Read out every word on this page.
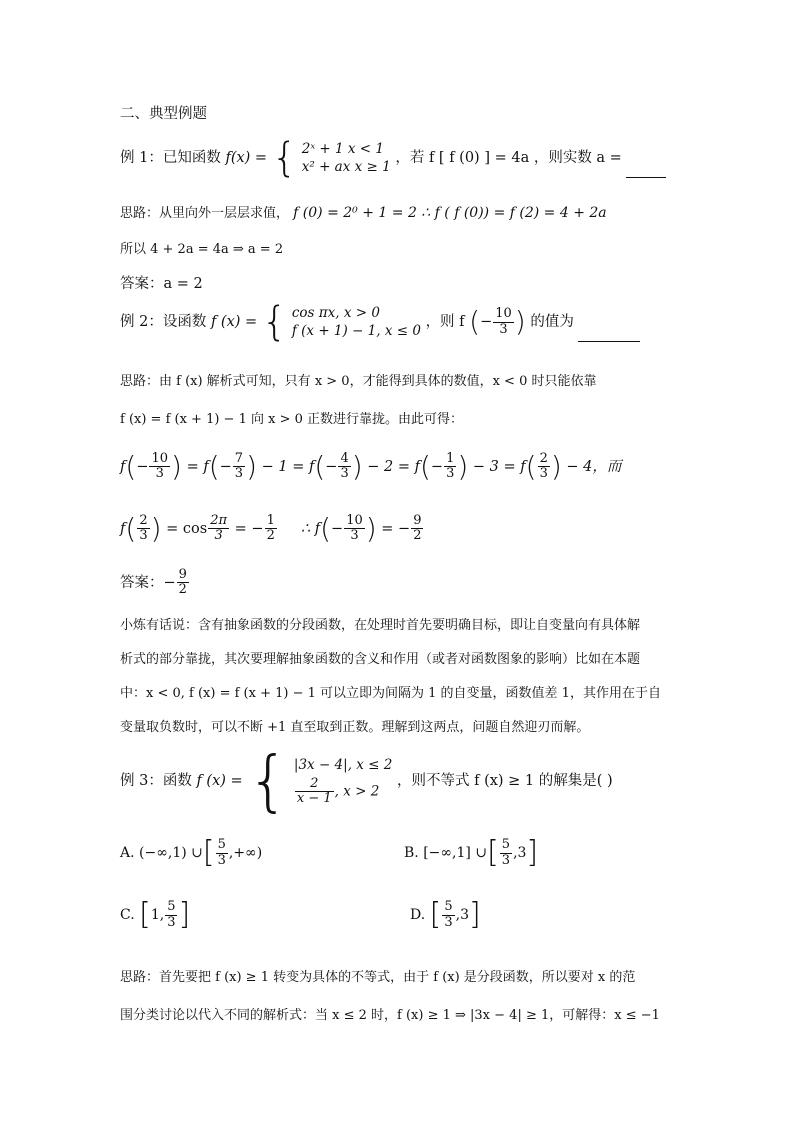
二、典型例题
例 1：已知函数 f(x) = { 2ˣ + 1 x < 1
x² + ax x ≥ 1
，若 f [ f (0) ] = 4a ，则实数 a =
思路：从里向外一层层求值， f (0) = 2⁰ + 1 = 2 ∴ f ( f (0)) = f (2) = 4 + 2a
所以 4 + 2a = 4a ⇒ a = 2
答案：a = 2
例 2：设函数 f (x) = { cos πx, x > 0
f (x + 1) − 1, x ≤ 0
，则 f (− $\frac{10}{3}$ ) 的值为
思路：由 f (x) 解析式可知，只有 x > 0，才能得到具体的数值，x < 0 时只能依靠
f (x) = f (x + 1) − 1 向 x > 0 正数进行靠拢。由此可得：
$f(- \frac{10}{3}$ ) = $f(- \frac{7}{3}$ ) − $1 = f(- \frac{4}{3}$ ) − $2 = f(- \frac{1}{3}$ ) − $3 = f( \frac{2}{3}$ ) − 4，而
$f( \frac{2}{3}$ ) = $\cos \frac{2\pi}{3}$ = − $\frac{1}{2}$ ∴ $f(- \frac{10}{3}$ ) = − $\frac{9}{2}$
答案：− $\frac{9}{2}$
小炼有话说：含有抽象函数的分段函数，在处理时首先要明确目标，即让自变量向有具体解
析式的部分靠拢，其次要理解抽象函数的含义和作用（或者对函数图象的影响）比如在本题
中：x < 0, f (x) = f (x + 1) − 1 可以立即为间隔为 1 的自变量，函数值差 1，其作用在于自
变量取负数时，可以不断 +1 直至取到正数。理解到这两点，问题自然迎刃而解。
例 3：函数 f (x) = { |3x − 4|, x ≤ 2
$\frac{2}{x - 1}$ , x > 2
，则不等式 f (x) ≥ 1 的解集是( )
A. (−∞,1) ∪[ $\frac{5}{3}$ ,+∞)	B. [−∞,1] ∪[ $\frac{5}{3} ,3$]
C. [1, $\frac{5}{3}$ ]	D. [ $\frac{5}{3} ,3$]
思路：首先要把 f (x) ≥ 1 转变为具体的不等式，由于 f (x) 是分段函数，所以要对 x 的范
围分类讨论以代入不同的解析式：当 x ≤ 2 时，f (x) ≥ 1 ⇒ |3x − 4| ≥ 1，可解得：x ≤ −1
